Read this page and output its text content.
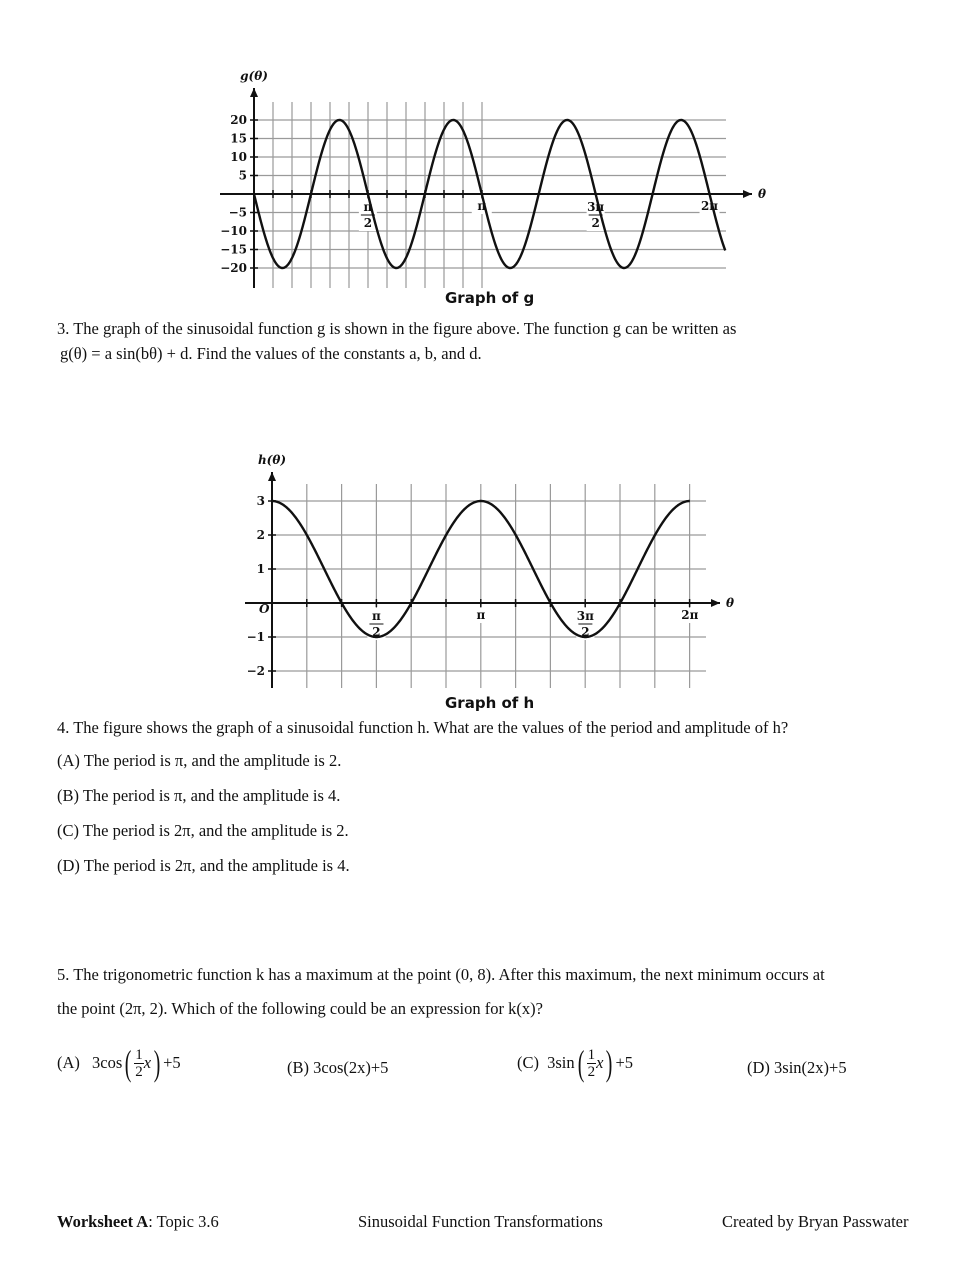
θ
g(θ)
20
15
10
5
−5
−10
−15
−20
π
2
π	3π
2
2π
Graph of g
3. The graph of the sinusoidal function g is shown in the figure above. The function g can be written as
g(θ) = a sin(bθ) + d. Find the values of the constants a, b, and d.
θ
h(θ)
3
2
1
−1
−2
π
2
π	3π
2
2π
O
Graph of h
4. The figure shows the graph of a sinusoidal function h. What are the values of the period and amplitude of h?
(A) The period is π, and the amplitude is 2.
(B) The period is π, and the amplitude is 4.
(C) The period is 2π, and the amplitude is 2.
(D) The period is 2π, and the amplitude is 4.
5. The trigonometric function k has a maximum at the point (0, 8). After this maximum, the next minimum occurs at
the point (2π, 2). Which of the following could be an expression for k(x)?
(A) $3\cos( \frac{1}{2} x) +5$	(B) 3cos(2x)+5	(C) $3\sin( \frac{1}{2} x) +5$	(D) 3sin(2x)+5
Worksheet A: Topic 3.6	Sinusoidal Function Transformations	Created by Bryan Passwater
